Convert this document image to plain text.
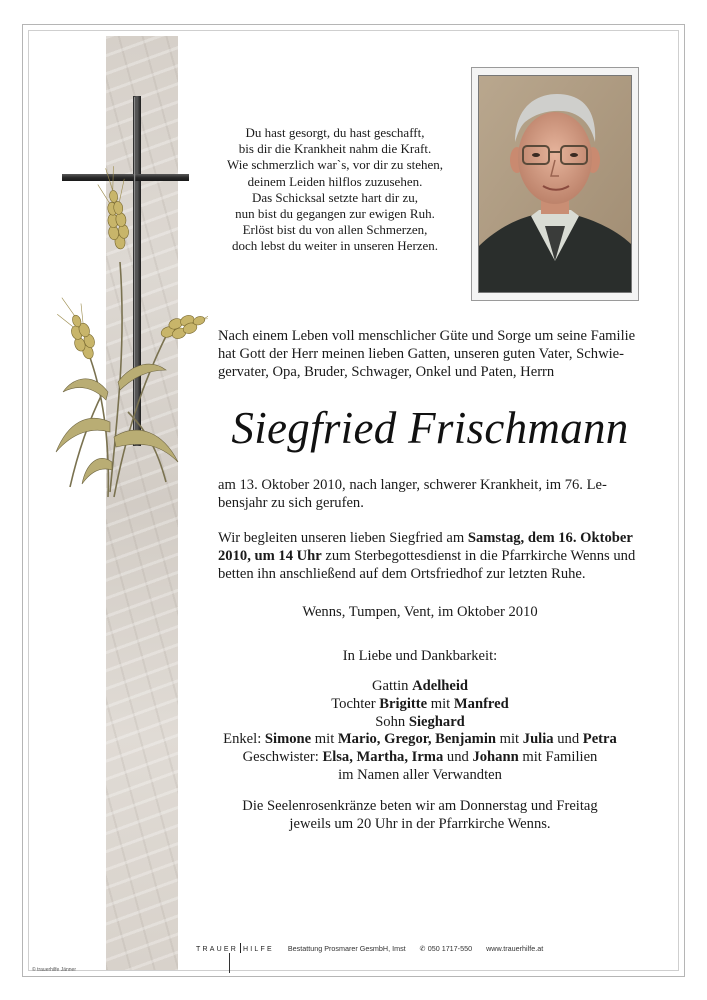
Du hast gesorgt, du hast geschafft,
bis dir die Krankheit nahm die Kraft.
Wie schmerzlich war`s, vor dir zu stehen,
deinem Leiden hilflos zuzusehen.
Das Schicksal setzte hart dir zu,
nun bist du gegangen zur ewigen Ruh.
Erlöst bist du von allen Schmerzen,
doch lebst du weiter in unseren Herzen.
Nach einem Leben voll menschlicher Güte und Sorge um seine Familie
hat Gott der Herr meinen lieben Gatten, unseren guten Vater, Schwie-
gervater, Opa, Bruder, Schwager, Onkel und Paten, Herrn
Siegfried Frischmann
am 13. Oktober 2010, nach langer, schwerer Krankheit, im 76. Le-
bensjahr zu sich gerufen.
Wir begleiten unseren lieben Siegfried am Samstag, dem 16. Oktober
2010, um 14 Uhr zum Sterbegottesdienst in die Pfarrkirche Wenns und
betten ihn anschließend auf dem Ortsfriedhof zur letzten Ruhe.
Wenns, Tumpen, Vent, im Oktober 2010
In Liebe und Dankbarkeit:
Gattin Adelheid
Tochter Brigitte mit Manfred
Sohn Sieghard
Enkel: Simone mit Mario, Gregor, Benjamin mit Julia und Petra
Geschwister: Elsa, Martha, Irma und Johann mit Familien
im Namen aller Verwandten
Die Seelenrosenkränze beten wir am Donnerstag und Freitag
jeweils um 20 Uhr in der Pfarrkirche Wenns.
TRAUER HILFE Bestattung Prosmarer GesmbH, Imst ✆ 050 1717-550 www.trauerhilfe.at
© trauerhilfe Jänner
